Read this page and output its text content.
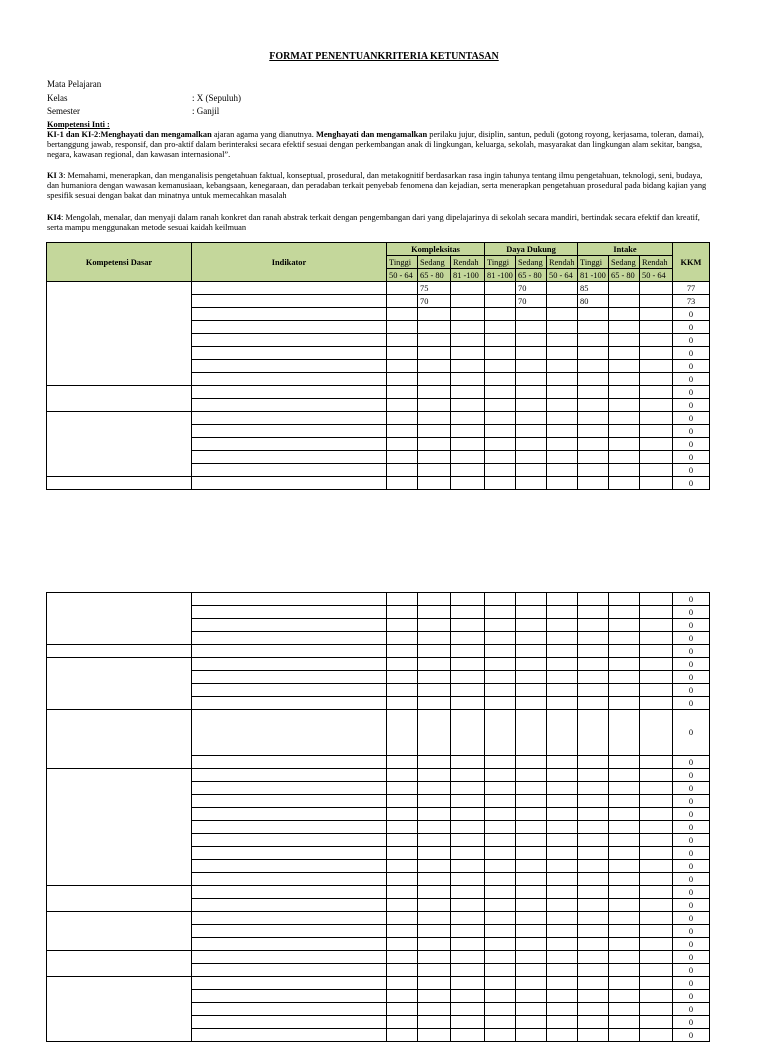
FORMAT PENENTUANKRITERIA KETUNTASAN
Mata Pelajaran
Kelas	: X (Sepuluh)
Semester	: Ganjil
Kompetensi Inti :
KI-1 dan KI-2:Menghayati dan mengamalkan ajaran agama yang dianutnya. Menghayati dan mengamalkan perilaku jujur, disiplin, santun, peduli (gotong royong, kerjasama, toleran, damai), bertanggung jawab, responsif, dan pro-aktif dalam berinteraksi secara efektif sesuai dengan perkembangan anak di lingkungan, keluarga, sekolah, masyarakat dan lingkungan alam sekitar, bangsa, negara, kawasan regional, dan kawasan internasional”.
KI 3: Memahami, menerapkan, dan menganalisis pengetahuan faktual, konseptual, prosedural, dan metakognitif berdasarkan rasa ingin tahunya tentang ilmu pengetahuan, teknologi, seni, budaya, dan humaniora dengan wawasan kemanusiaan, kebangsaan, kenegaraan, dan peradaban terkait penyebab fenomena dan kejadian, serta menerapkan pengetahuan prosedural pada bidang kajian yang spesifik sesuai dengan bakat dan minatnya untuk memecahkan masalah
KI4: Mengolah, menalar, dan menyaji dalam ranah konkret dan ranah abstrak terkait dengan pengembangan dari yang dipelajarinya di sekolah secara mandiri, bertindak secara efektif dan kreatif, serta mampu menggunakan metode sesuai kaidah keilmuan
Kompetensi Dasar	Indikator	Kompleksitas			Daya Dukung			Intake			KKM
		Tinggi	Sedang	Rendah	Tinggi	Sedang	Rendah	Tinggi	Sedang	Rendah	
		50 - 64	65 - 80	81 -100	81 -100	65 - 80	50 - 64	81 -100	65 - 80	50 - 64	
			75			70		85			77
			70			70		80			73
											0
											0
											0
											0
											0
											0
											0
											0
											0
											0
											0
											0
											0
											0
											0
											0
											0
											0
											0
											0
											0
											0
											0
											0
											0
											0
											0
											0
											0
											0
											0
											0
											0
											0
											0
											0
											0
											0
											0
											0
											0
											0
											0
											0
											0
											0
